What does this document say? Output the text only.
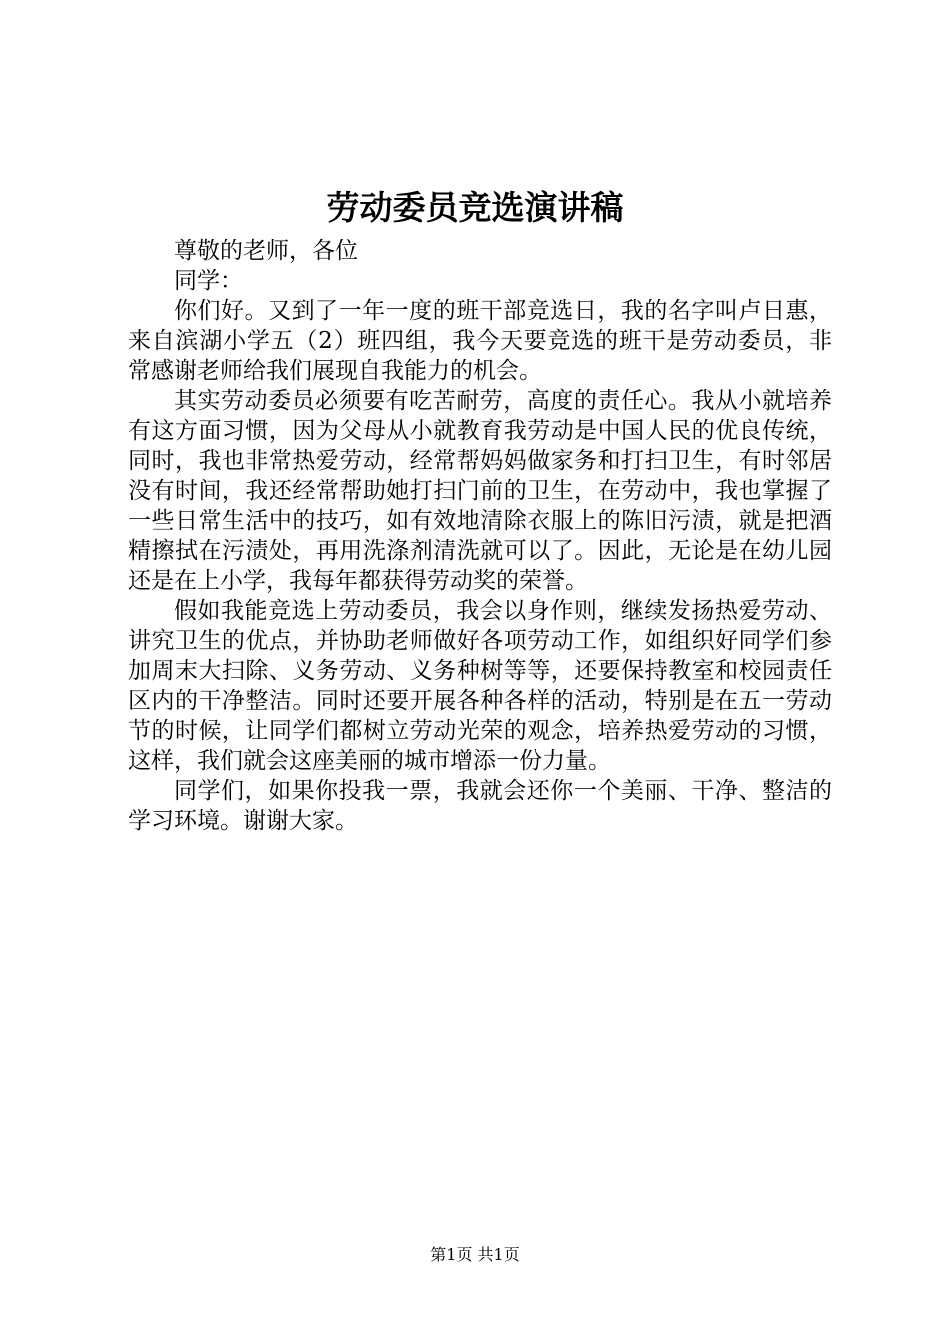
劳动委员竞选演讲稿

尊敬的老师，各位

同学：

你们好。又到了一年一度的班干部竞选日，我的名字叫卢日惠，来自滨湖小学五（2）班四组，我今天要竞选的班干是劳动委员，非常感谢老师给我们展现自我能力的机会。

其实劳动委员必须要有吃苦耐劳，高度的责任心。我从小就培养有这方面习惯，因为父母从小就教育我劳动是中国人民的优良传统，同时，我也非常热爱劳动，经常帮妈妈做家务和打扫卫生，有时邻居没有时间，我还经常帮助她打扫门前的卫生，在劳动中，我也掌握了一些日常生活中的技巧，如有效地清除衣服上的陈旧污渍，就是把酒精擦拭在污渍处，再用洗涤剂清洗就可以了。因此，无论是在幼儿园还是在上小学，我每年都获得劳动奖的荣誉。

假如我能竞选上劳动委员，我会以身作则，继续发扬热爱劳动、讲究卫生的优点，并协助老师做好各项劳动工作，如组织好同学们参加周末大扫除、义务劳动、义务种树等等，还要保持教室和校园责任区内的干净整洁。同时还要开展各种各样的活动，特别是在五一劳动节的时候，让同学们都树立劳动光荣的观念，培养热爱劳动的习惯，这样，我们就会这座美丽的城市增添一份力量。

同学们，如果你投我一票，我就会还你一个美丽、干净、整洁的学习环境。谢谢大家。

第1页 共1页
